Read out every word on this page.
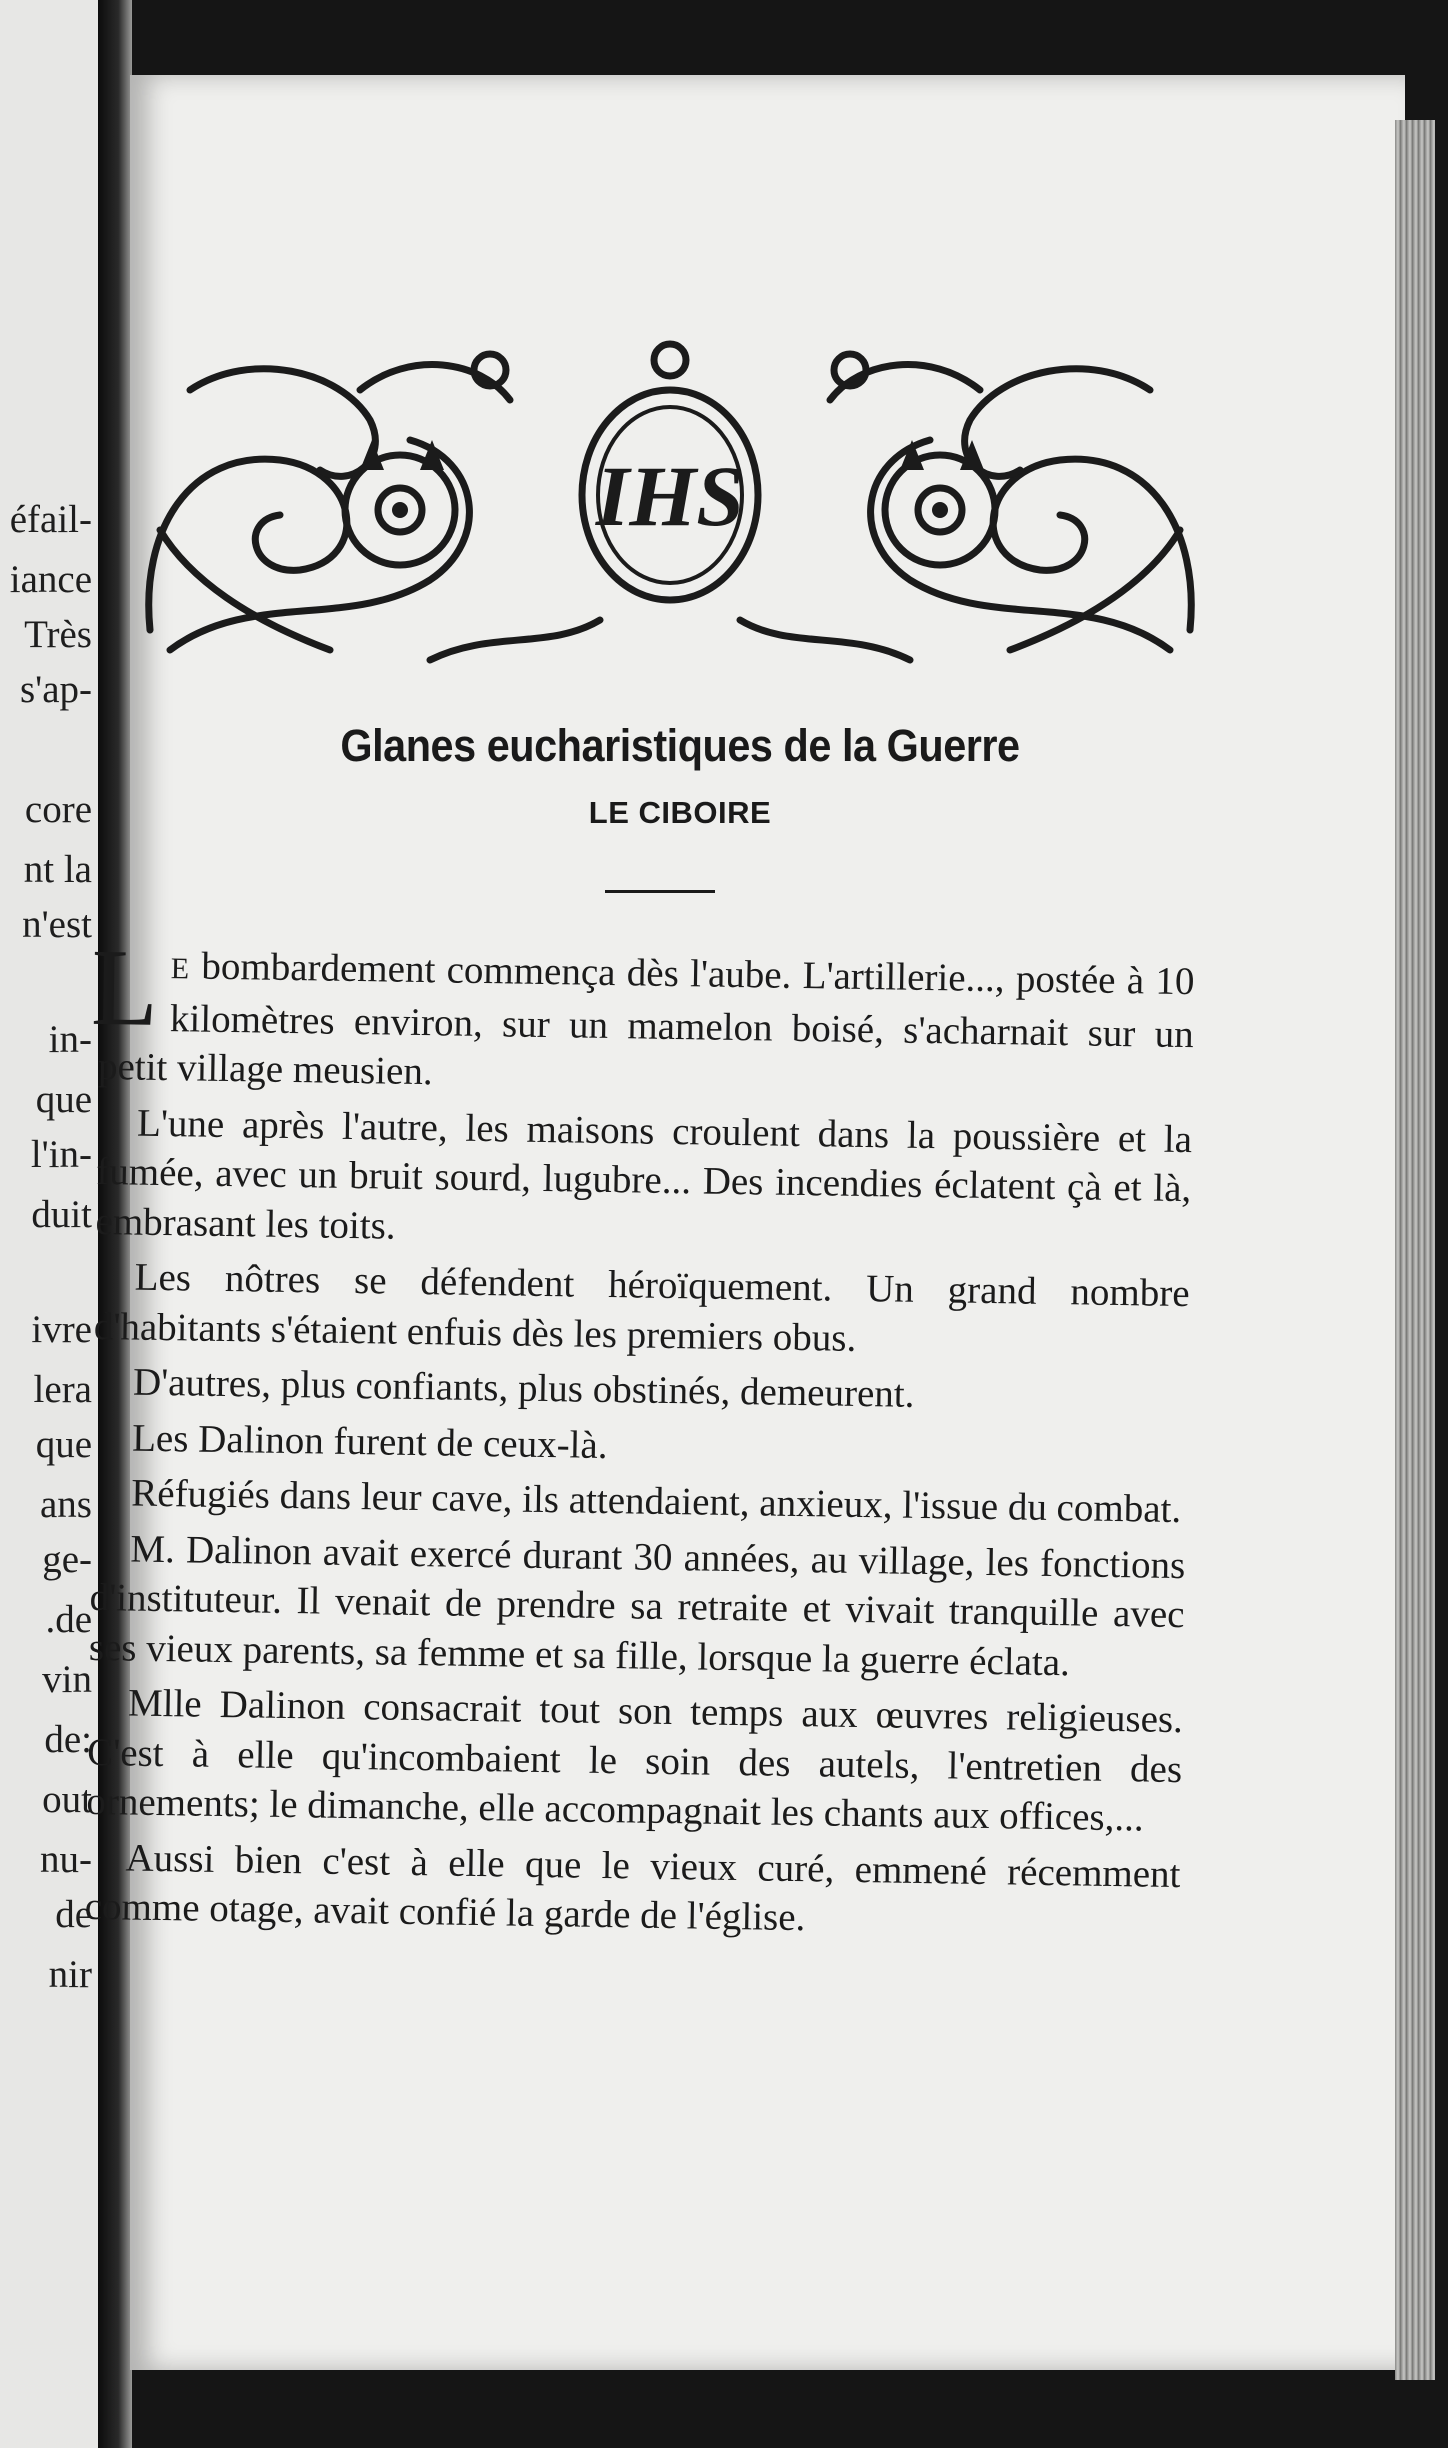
éfail-
iance
Très
s'ap-
core
nt la
n'est
in-
que
l'in-
duit
ivre
lera
que
ans
ge-
.de
vin
de:
out
nu-
de
nir
IHS
Glanes eucharistiques de la Guerre
LE CIBOIRE

L E bombardement commença dès l'aube. L'artillerie..., postée à 10 kilomètres environ, sur un mamelon boisé, s'acharnait sur un petit village meusien.

L'une après l'autre, les maisons croulent dans la poussière et la fumée, avec un bruit sourd, lugubre... Des incendies éclatent çà et là, embrasant les toits.

Les nôtres se défendent héroïquement. Un grand nombre d'habitants s'étaient enfuis dès les premiers obus.

D'autres, plus confiants, plus obstinés, demeurent.

Les Dalinon furent de ceux-là.

Réfugiés dans leur cave, ils attendaient, anxieux, l'issue du combat.

M. Dalinon avait exercé durant 30 années, au village, les fonctions d'instituteur. Il venait de prendre sa retraite et vivait tranquille avec ses vieux parents, sa femme et sa fille, lorsque la guerre éclata.

Mlle Dalinon consacrait tout son temps aux œuvres religieuses. C'est à elle qu'incombaient le soin des autels, l'entretien des ornements; le dimanche, elle accompagnait les chants aux offices,...

Aussi bien c'est à elle que le vieux curé, emmené récemment comme otage, avait confié la garde de l'église.
